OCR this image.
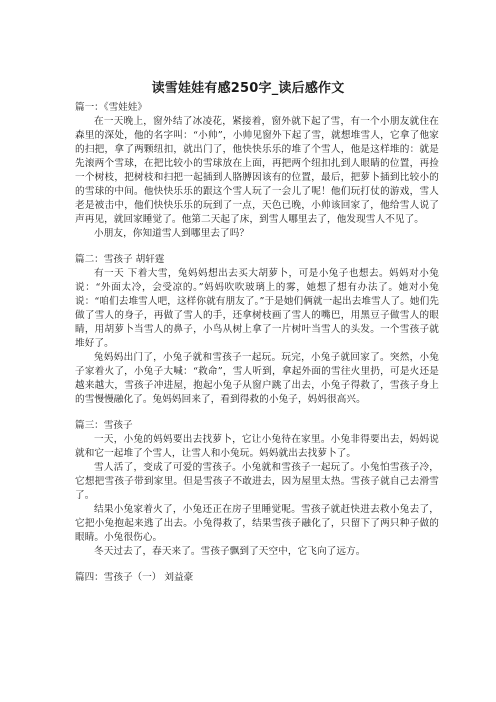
读雪娃娃有感250字_读后感作文

篇一：《雪娃娃》

在一天晚上，窗外结了冰凌花，紧接着，窗外就下起了雪，有一个小朋友就住在森里的深处，他的名字叫：“小帅”，小帅见窗外下起了雪，就想堆雪人，它拿了他家的扫把，拿了两颗纽扣，就出门了，他快快乐乐的堆了个雪人，他是这样堆的：就是先滚两个雪球，在把比较小的雪球放在上面，再把两个纽扣扎到人眼睛的位置，再捡一个树枝，把树枝和扫把一起插到人胳膊因该有的位置，最后，把萝卜插到比较小的的雪球的中间。他快快乐乐的跟这个雪人玩了一会儿了呢！他们玩打仗的游戏，雪人老是被击中，他们快快乐乐的玩到了一点，天色已晚，小帅该回家了，他给雪人说了声再见，就回家睡觉了。他第二天起了床，到雪人哪里去了，他发现雪人不见了。

小朋友，你知道雪人到哪里去了吗？

篇二：雪孩子 胡轩霆

有一天 下着大雪，兔妈妈想出去买大胡萝卜，可是小兔子也想去。妈妈对小兔说：“外面太冷，会受凉的。”妈妈吹吹玻璃上的雾，她想了想有办法了。她对小兔说：“咱们去堆雪人吧，这样你就有朋友了。”于是她们俩就一起出去堆雪人了。她们先做了雪人的身子，再做了雪人的手，还拿树枝画了雪人的嘴巴，用黑豆子做雪人的眼睛，用胡萝卜当雪人的鼻子，小鸟从树上拿了一片树叶当雪人的头发。一个雪孩子就堆好了。

兔妈妈出门了，小兔子就和雪孩子一起玩。玩完，小兔子就回家了。突然，小兔子家着火了，小兔子大喊：“救命”，雪人听到，拿起外面的雪往火里扔，可是火还是越来越大，雪孩子冲进屋，抱起小兔子从窗户跳了出去，小兔子得救了，雪孩子身上的雪慢慢融化了。兔妈妈回来了，看到得救的小兔子，妈妈很高兴。

篇三：雪孩子

一天，小兔的妈妈要出去找萝卜，它让小兔待在家里。小兔非得要出去，妈妈说就和它一起堆了个雪人，让雪人和小兔玩。妈妈就出去找萝卜了。

雪人活了，变成了可爱的雪孩子。小兔就和雪孩子一起玩了。小兔怕雪孩子冷，它想把雪孩子带到家里。但是雪孩子不敢进去，因为屋里太热。雪孩子就自己去滑雪了。

结果小兔家着火了，小兔还正在房子里睡觉呢。雪孩子就赶快进去救小兔去了，它把小兔抱起来逃了出去。小兔得救了，结果雪孩子融化了，只留下了两只种子做的眼睛。小兔很伤心。

冬天过去了，春天来了。雪孩子飘到了天空中，它飞向了远方。

篇四：雪孩子（一） 刘益豪
